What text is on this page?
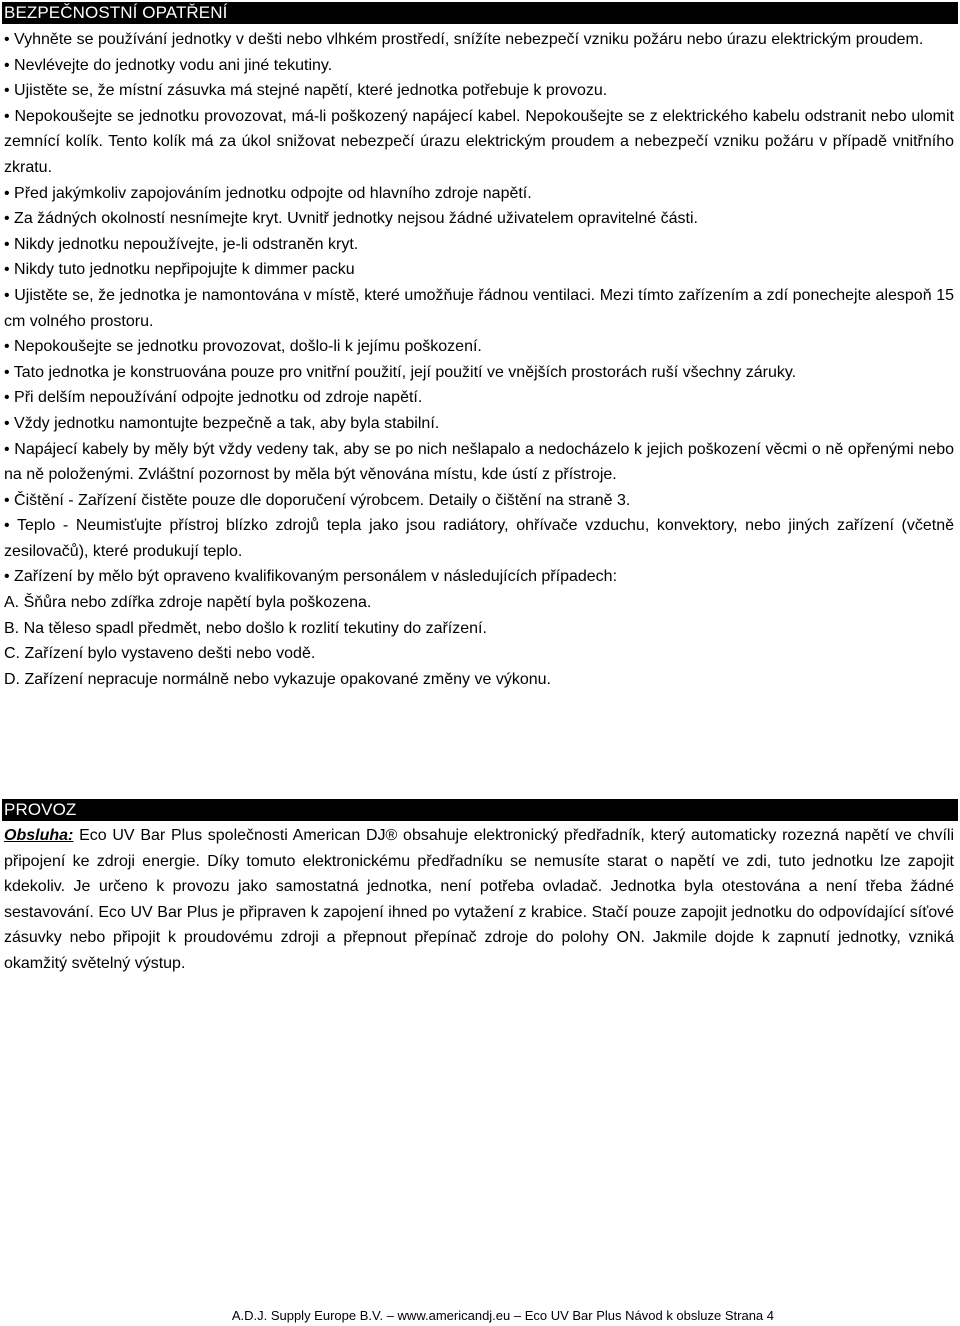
BEZPEČNOSTNÍ OPATŘENÍ

• Vyhněte se používání jednotky v dešti nebo vlhkém prostředí, snížíte nebezpečí vzniku požáru nebo úrazu elektrickým proudem.

• Nevlévejte do jednotky vodu ani jiné tekutiny.

• Ujistěte se, že místní zásuvka má stejné napětí, které jednotka potřebuje k provozu.

• Nepokoušejte se jednotku provozovat, má-li poškozený napájecí kabel. Nepokoušejte se z elektrického kabelu odstranit nebo ulomit zemnící kolík. Tento kolík má za úkol snižovat nebezpečí úrazu elektrickým proudem a nebezpečí vzniku požáru v případě vnitřního zkratu.

• Před jakýmkoliv zapojováním jednotku odpojte od hlavního zdroje napětí.

• Za žádných okolností nesnímejte kryt. Uvnitř jednotky nejsou žádné uživatelem opravitelné části.

• Nikdy jednotku nepoužívejte, je-li odstraněn kryt.

• Nikdy tuto jednotku nepřipojujte k dimmer packu

• Ujistěte se, že jednotka je namontována v místě, které umožňuje řádnou ventilaci. Mezi tímto zařízením a zdí ponechejte alespoň 15 cm volného prostoru.

• Nepokoušejte se jednotku provozovat, došlo-li k jejímu poškození.

• Tato jednotka je konstruována pouze pro vnitřní použití, její použití ve vnějších prostorách ruší všechny záruky.

• Při delším nepoužívání odpojte jednotku od zdroje napětí.

• Vždy jednotku namontujte bezpečně a tak, aby byla stabilní.

• Napájecí kabely by měly být vždy vedeny tak, aby se po nich nešlapalo a nedocházelo k jejich poškození věcmi o ně opřenými nebo na ně položenými. Zvláštní pozornost by měla být věnována místu, kde ústí z přístroje.

• Čištění - Zařízení čistěte pouze dle doporučení výrobcem. Detaily o čištění na straně 3.

• Teplo - Neumisťujte přístroj blízko zdrojů tepla jako jsou radiátory, ohřívače vzduchu, konvektory, nebo jiných zařízení (včetně zesilovačů), které produkují teplo.

• Zařízení by mělo být opraveno kvalifikovaným personálem v následujících případech:

A. Šňůra nebo zdířka zdroje napětí byla poškozena.

B. Na těleso spadl předmět, nebo došlo k rozlití tekutiny do zařízení.

C. Zařízení bylo vystaveno dešti nebo vodě.

D. Zařízení nepracuje normálně nebo vykazuje opakované změny ve výkonu.

PROVOZ

Obsluha: Eco UV Bar Plus společnosti American DJ® obsahuje elektronický předřadník, který automaticky rozezná napětí ve chvíli připojení ke zdroji energie. Díky tomuto elektronickému předřadníku se nemusíte starat o napětí ve zdi, tuto jednotku lze zapojit kdekoliv. Je určeno k provozu jako samostatná jednotka, není potřeba ovladač. Jednotka byla otestována a není třeba žádné sestavování. Eco UV Bar Plus je připraven k zapojení ihned po vytažení z krabice. Stačí pouze zapojit jednotku do odpovídající síťové zásuvky nebo připojit k proudovému zdroji a přepnout přepínač zdroje do polohy ON. Jakmile dojde k zapnutí jednotky, vzniká okamžitý světelný výstup.

A.D.J. Supply Europe B.V. – www.americandj.eu – Eco UV Bar Plus Návod k obsluze Strana 4
